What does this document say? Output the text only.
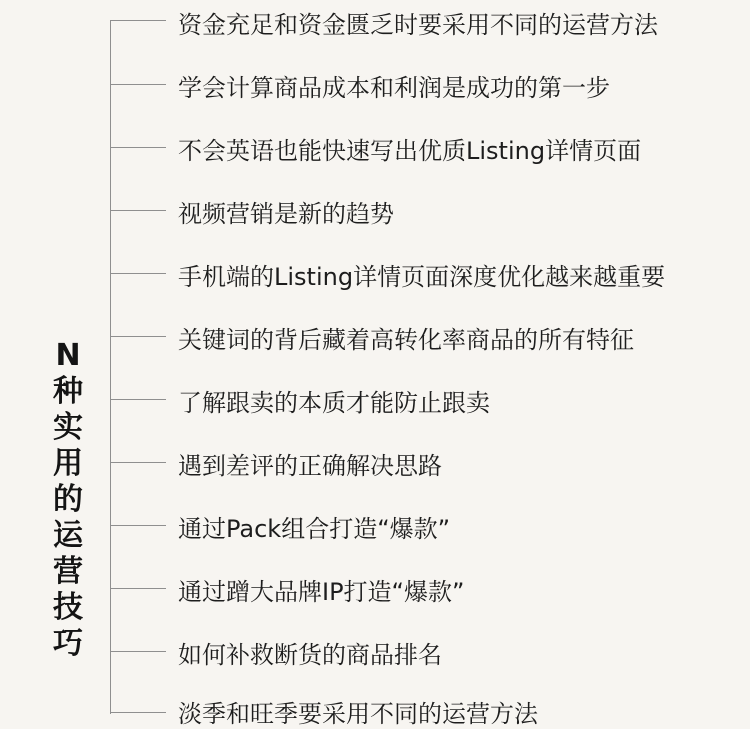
N
种
实
用
的
运
营
技
巧
资金充足和资金匮乏时要采用不同的运营方法
学会计算商品成本和利润是成功的第一步
不会英语也能快速写出优质Listing详情页面
视频营销是新的趋势
手机端的Listing详情页面深度优化越来越重要
关键词的背后藏着高转化率商品的所有特征
了解跟卖的本质才能防止跟卖
遇到差评的正确解决思路
通过Pack组合打造“爆款”
通过蹭大品牌IP打造“爆款”
如何补救断货的商品排名
淡季和旺季要采用不同的运营方法
